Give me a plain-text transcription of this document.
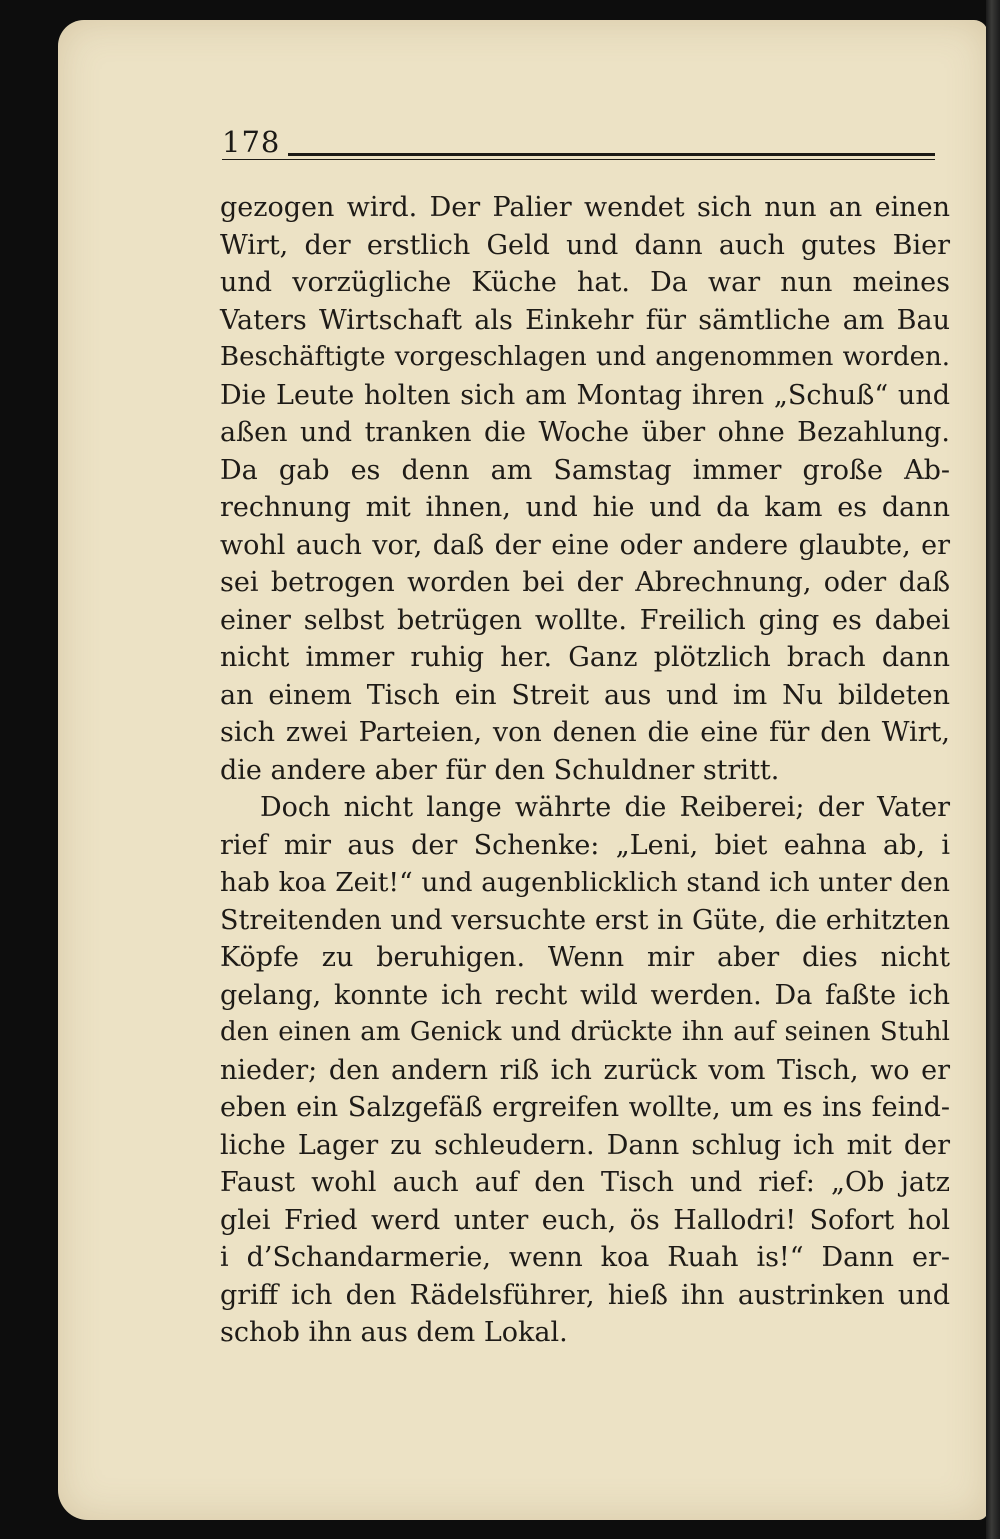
178
gezogen wird. Der Palier wendet sich nun an einen
Wirt, der erstlich Geld und dann auch gutes Bier
und vorzügliche Küche hat. Da war nun meines
Vaters Wirtschaft als Einkehr für sämtliche am Bau
Beschäftigte vorgeschlagen und angenommen worden.
Die Leute holten sich am Montag ihren „Schuß“ und
aßen und tranken die Woche über ohne Bezahlung.
Da gab es denn am Samstag immer große Ab-
rechnung mit ihnen, und hie und da kam es dann
wohl auch vor, daß der eine oder andere glaubte, er
sei betrogen worden bei der Abrechnung, oder daß
einer selbst betrügen wollte. Freilich ging es dabei
nicht immer ruhig her. Ganz plötzlich brach dann
an einem Tisch ein Streit aus und im Nu bildeten
sich zwei Parteien, von denen die eine für den Wirt,
die andere aber für den Schuldner stritt.
Doch nicht lange währte die Reiberei; der Vater
rief mir aus der Schenke: „Leni, biet eahna ab, i
hab koa Zeit!“ und augenblicklich stand ich unter den
Streitenden und versuchte erst in Güte, die erhitzten
Köpfe zu beruhigen. Wenn mir aber dies nicht
gelang, konnte ich recht wild werden. Da faßte ich
den einen am Genick und drückte ihn auf seinen Stuhl
nieder; den andern riß ich zurück vom Tisch, wo er
eben ein Salzgefäß ergreifen wollte, um es ins feind-
liche Lager zu schleudern. Dann schlug ich mit der
Faust wohl auch auf den Tisch und rief: „Ob jatz
glei Fried werd unter euch, ös Hallodri! Sofort hol
i d’Schandarmerie, wenn koa Ruah is!“ Dann er-
griff ich den Rädelsführer, hieß ihn austrinken und
schob ihn aus dem Lokal.
